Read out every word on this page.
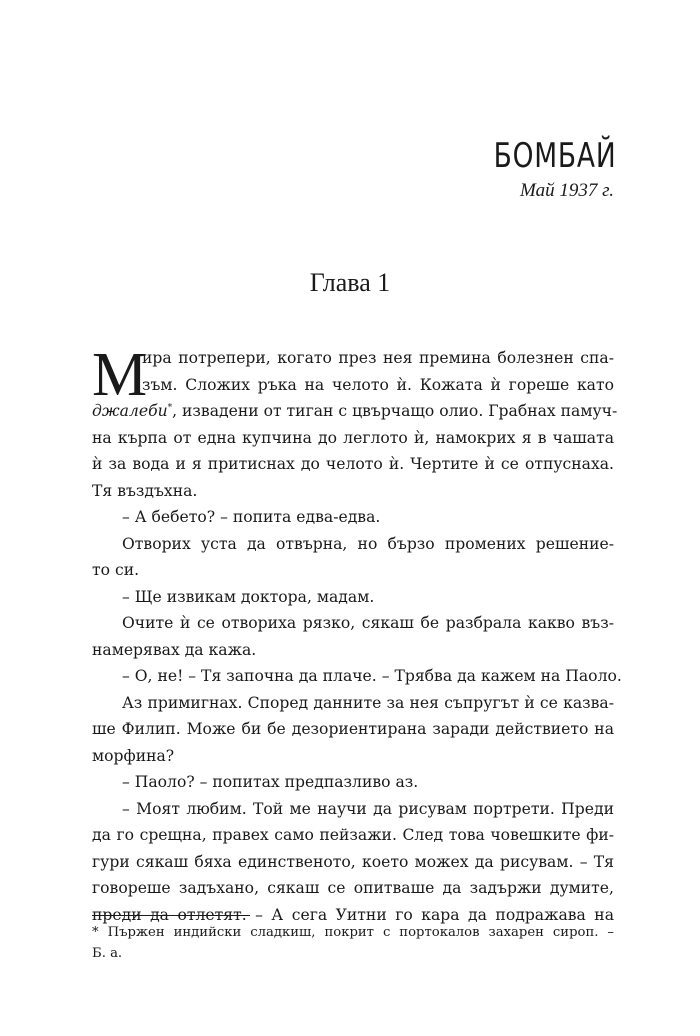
БОМБАЙ
Май 1937 г.
Глава 1
М
ира потрепери, когато през нея премина болезнен спа-
зъм. Сложих ръка на челото ѝ. Кожата ѝ гореше като
джалеби*, извадени от тиган с цвърчащо олио. Грабнах памуч-
на кърпа от една купчина до леглото ѝ, намокрих я в чашата
ѝ за вода и я притиснах до челото ѝ. Чертите ѝ се отпуснаха.
Тя въздъхна.
– А бебето? – попита едва-едва.
Отворих уста да отвърна, но бързо промених решение-
то си.
– Ще извикам доктора, мадам.
Очите ѝ се отвориха рязко, сякаш бе разбрала какво въз-
намерявах да кажа.
– О, не! – Тя започна да плаче. – Трябва да кажем на Паоло.
Аз примигнах. Според данните за нея съпругът ѝ се казва-
ше Филип. Може би бе дезориентирана заради действието на
морфина?
– Паоло? – попитах предпазливо аз.
– Моят любим. Той ме научи да рисувам портрети. Преди
да го срещна, правех само пейзажи. След това човешките фи-
гури сякаш бяха единственото, което можех да рисувам. – Тя
говореше задъхано, сякаш се опитваше да задържи думите,
преди да отлетят. – А сега Уитни го кара да подражава на
* Пържен индийски сладкиш, покрит с портокалов захарен сироп. –
Б. а.
